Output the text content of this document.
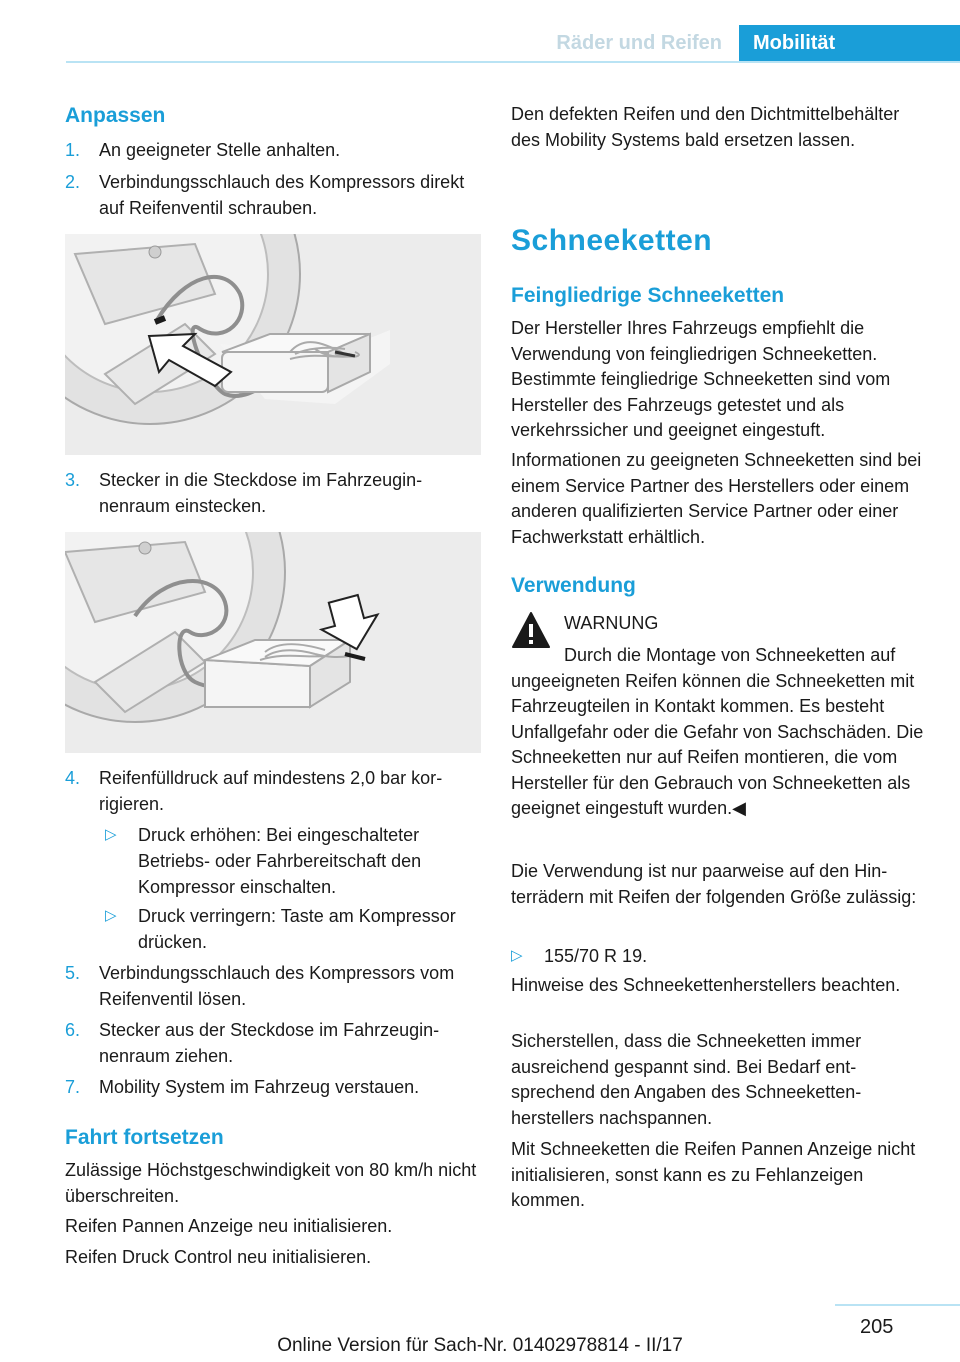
Räder und Reifen	Mobilität
Anpassen
1. An geeigneter Stelle anhalten.
2. Verbindungsschlauch des Kompressors direkt auf Reifenventil schrauben.
3. Stecker in die Steckdose im Fahrzeuginnenraum einstecken.
4. Reifenfülldruck auf mindestens 2,0 bar korrigieren.
▷ Druck erhöhen: Bei eingeschalteter Betriebs- oder Fahrbereitschaft den Kompressor einschalten.
▷ Druck verringern: Taste am Kompressor drücken.
5. Verbindungsschlauch des Kompressors vom Reifenventil lösen.
6. Stecker aus der Steckdose im Fahrzeuginnenraum ziehen.
7. Mobility System im Fahrzeug verstauen.
Fahrt fortsetzen
Zulässige Höchstgeschwindigkeit von 80 km/h nicht überschreiten.
Reifen Pannen Anzeige neu initialisieren.
Reifen Druck Control neu initialisieren.
Den defekten Reifen und den Dichtmittelbehälter des Mobility Systems bald ersetzen lassen.
Schneeketten
Feingliedrige Schneeketten
Der Hersteller Ihres Fahrzeugs empfiehlt die Verwendung von feingliedrigen Schneeketten. Bestimmte feingliedrige Schneeketten sind vom Hersteller des Fahrzeugs getestet und als verkehrssicher und geeignet eingestuft.
Informationen zu geeigneten Schneeketten sind bei einem Service Partner des Herstellers oder einem anderen qualifizierten Service Partner oder einer Fachwerkstatt erhältlich.
Verwendung
WARNUNG
Durch die Montage von Schneeketten auf ungeeigneten Reifen können die Schneeketten mit Fahrzeugteilen in Kontakt kommen. Es besteht Unfallgefahr oder die Gefahr von Sachschäden. Die Schneeketten nur auf Reifen montieren, die vom Hersteller für den Gebrauch von Schneeketten als geeignet eingestuft wurden.◀
Die Verwendung ist nur paarweise auf den Hinterrädern mit Reifen der folgenden Größe zulässig:
▷ 155/70 R 19.
Hinweise des Schneekettenherstellers beachten.
Sicherstellen, dass die Schneeketten immer ausreichend gespannt sind. Bei Bedarf entsprechend den Angaben des Schneekettenherstellers nachspannen.
Mit Schneeketten die Reifen Pannen Anzeige nicht initialisieren, sonst kann es zu Fehlanzeigen kommen.
205
Online Version für Sach-Nr. 01402978814 - II/17
